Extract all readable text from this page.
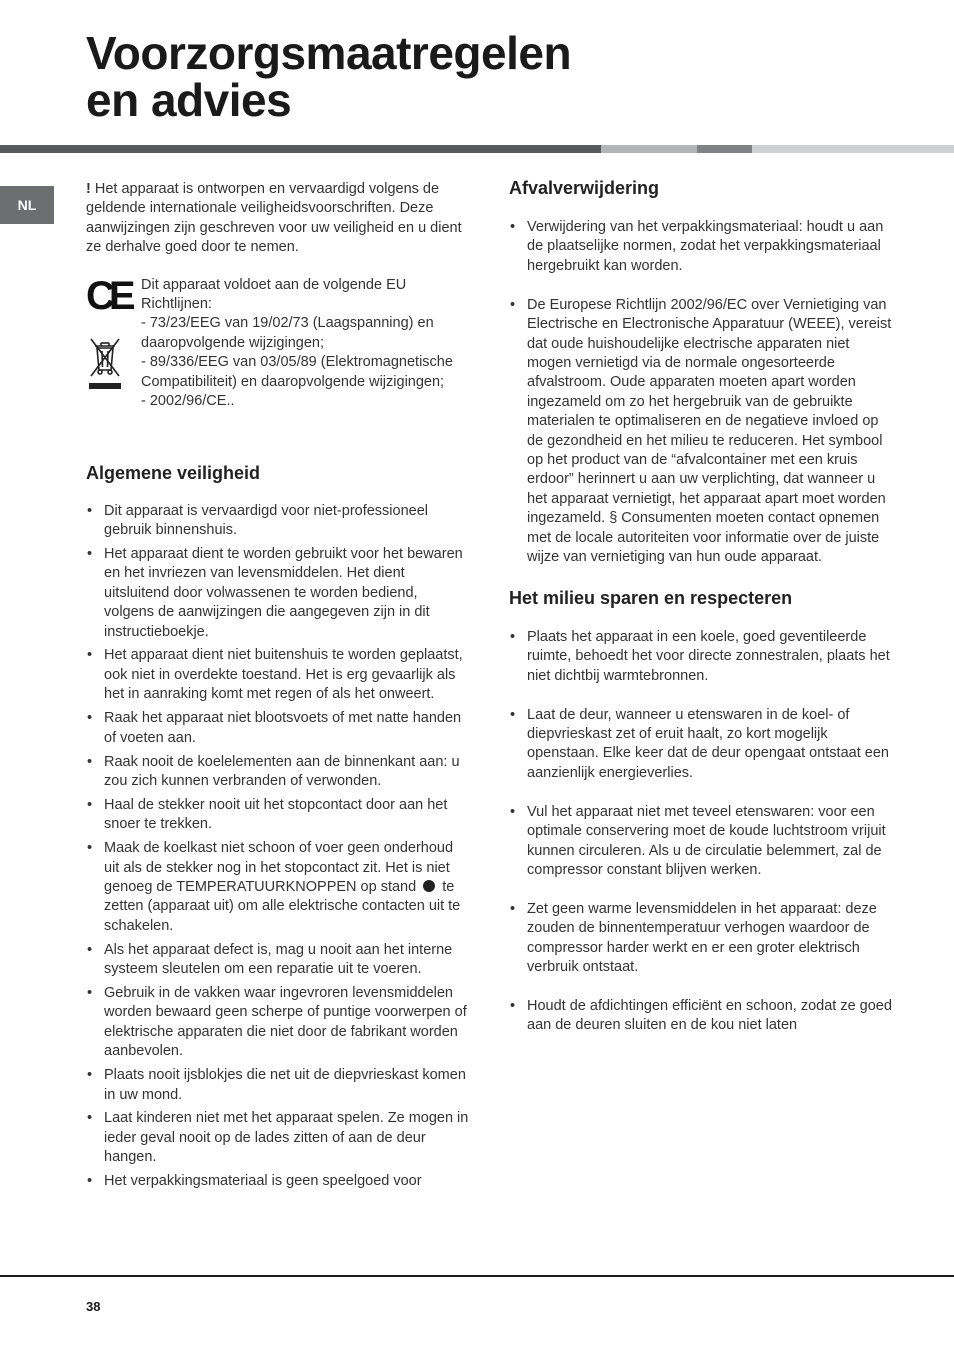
Voorzorgsmaatregelen
en advies
NL

! Het apparaat is ontworpen en vervaardigd volgens de geldende internationale veiligheidsvoorschriften. Deze aanwijzingen zijn geschreven voor uw veiligheid en u dient ze derhalve goed door te nemen.

CE Dit apparaat voldoet aan de volgende EU Richtlijnen:

- 73/23/EEG van 19/02/73 (Laagspanning) en daaropvolgende wijzigingen;

- 89/336/EEG van 03/05/89 (Elektromagnetische Compatibiliteit) en daaropvolgende wijzigingen;

- 2002/96/CE..

Algemene veiligheid
• Dit apparaat is vervaardigd voor niet-professioneel gebruik binnenshuis.
• Het apparaat dient te worden gebruikt voor het bewaren en het invriezen van levensmiddelen. Het dient uitsluitend door volwassenen te worden bediend, volgens de aanwijzingen die aangegeven zijn in dit instructieboekje.
• Het apparaat dient niet buitenshuis te worden geplaatst, ook niet in overdekte toestand. Het is erg gevaarlijk als het in aanraking komt met regen of als het onweert.
• Raak het apparaat niet blootsvoets of met natte handen of voeten aan.
• Raak nooit de koelelementen aan de binnenkant aan: u zou zich kunnen verbranden of verwonden.
• Haal de stekker nooit uit het stopcontact door aan het snoer te trekken.
• Maak de koelkast niet schoon of voer geen onderhoud uit als de stekker nog in het stopcontact zit. Het is niet genoeg de TEMPERATUURKNOPPEN op stand  te zetten (apparaat uit) om alle elektrische contacten uit te schakelen.
• Als het apparaat defect is, mag u nooit aan het interne systeem sleutelen om een reparatie uit te voeren.
• Gebruik in de vakken waar ingevroren levensmiddelen worden bewaard geen scherpe of puntige voorwerpen of elektrische apparaten die niet door de fabrikant worden aanbevolen.
• Plaats nooit ijsblokjes die net uit de diepvrieskast komen in uw mond.
• Laat kinderen niet met het apparaat spelen. Ze mogen in ieder geval nooit op de lades zitten of aan de deur hangen.
• Het verpakkingsmateriaal is geen speelgoed voor
Afvalverwijdering
• Verwijdering van het verpakkingsmateriaal: houdt u aan de plaatselijke normen, zodat het verpakkingsmateriaal hergebruikt kan worden.
• De Europese Richtlijn 2002/96/EC over Vernietiging van Electrische en Electronische Apparatuur (WEEE), vereist dat oude huishoudelijke electrische apparaten niet mogen vernietigd via de normale ongesorteerde afvalstroom. Oude apparaten moeten apart worden ingezameld om zo het hergebruik van de gebruikte materialen te optimaliseren en de negatieve invloed op de gezondheid en het milieu te reduceren. Het symbool op het product van de “afvalcontainer met een kruis erdoor” herinnert u aan uw verplichting, dat wanneer u het apparaat vernietigt, het apparaat apart moet worden ingezameld. § Consumenten moeten contact opnemen met de locale autoriteiten voor informatie over de juiste wijze van vernietiging van hun oude apparaat.
Het milieu sparen en respecteren
• Plaats het apparaat in een koele, goed geventileerde ruimte, behoedt het voor directe zonnestralen, plaats het niet dichtbij warmtebronnen.
• Laat de deur, wanneer u etenswaren in de koel- of diepvrieskast zet of eruit haalt, zo kort mogelijk openstaan. Elke keer dat de deur opengaat ontstaat een aanzienlijk energieverlies.
• Vul het apparaat niet met teveel etenswaren: voor een optimale conservering moet de koude luchtstroom vrijuit kunnen circuleren. Als u de circulatie belemmert, zal de compressor constant blijven werken.
• Zet geen warme levensmiddelen in het apparaat: deze zouden de binnentemperatuur verhogen waardoor de compressor harder werkt en er een groter elektrisch verbruik ontstaat.
• Houdt de afdichtingen efficiënt en schoon, zodat ze goed aan de deuren sluiten en de kou niet laten
38
